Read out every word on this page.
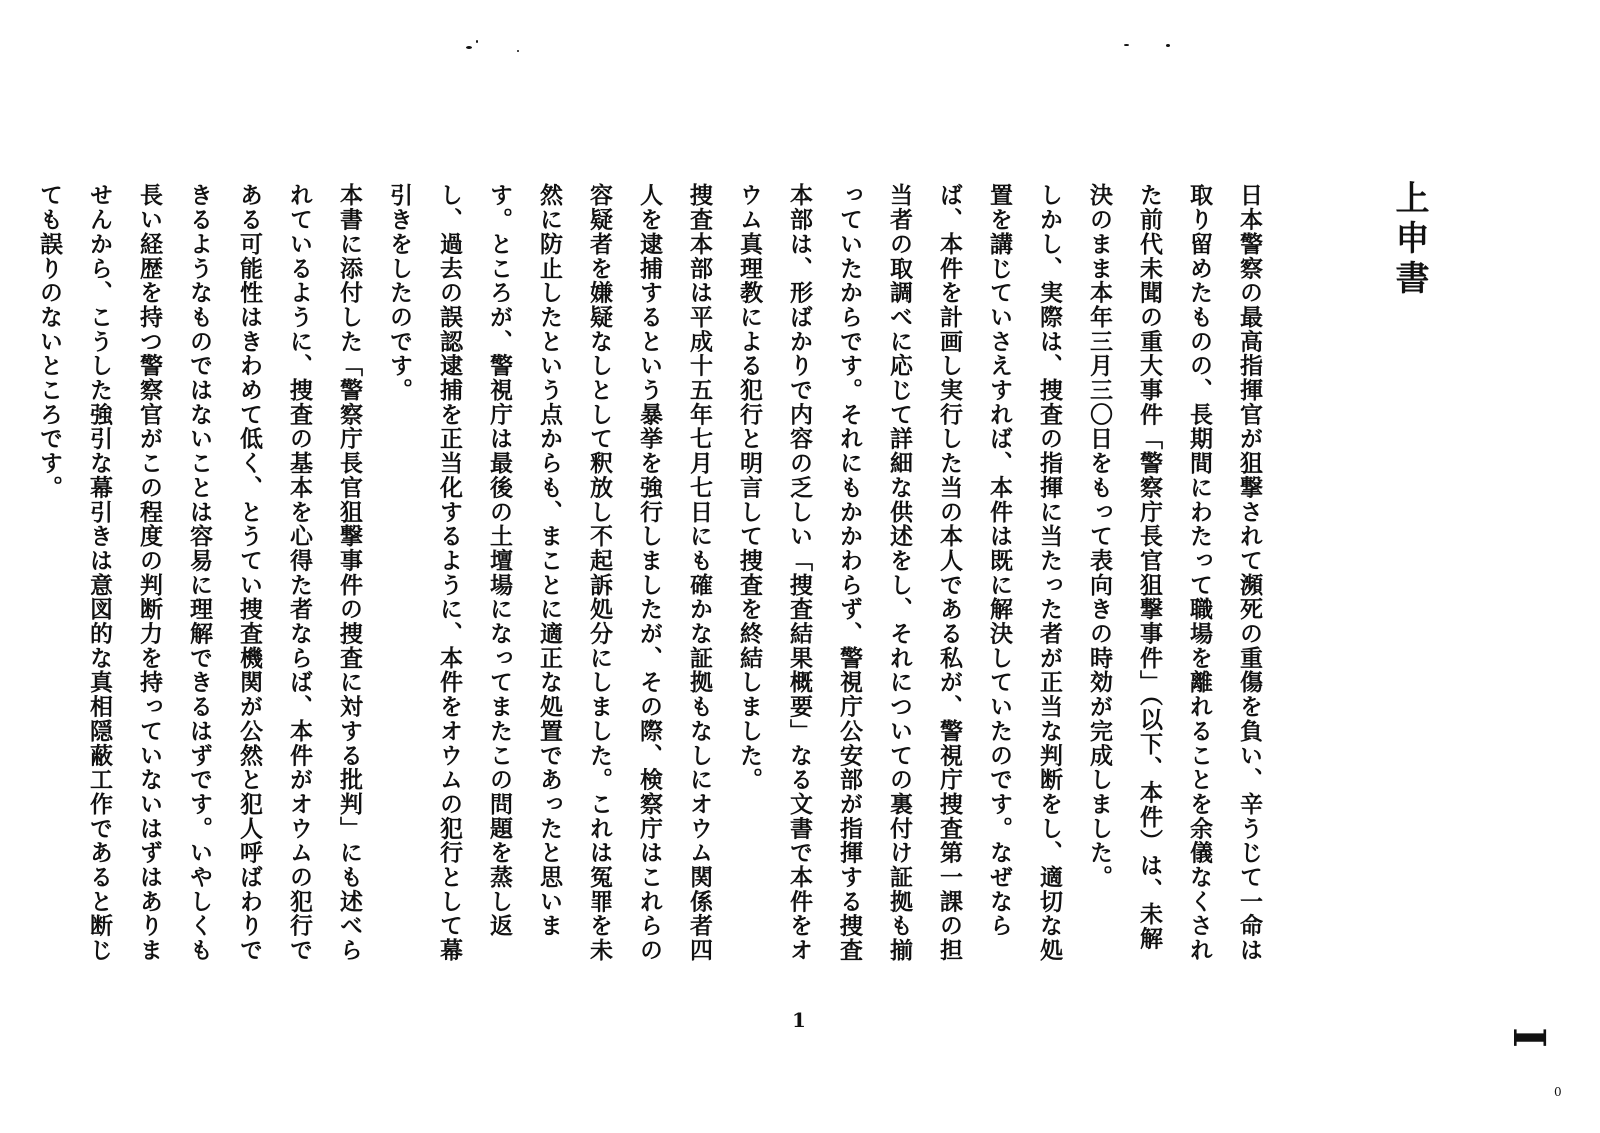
上申書

日本警察の最高指揮官が狙撃されて瀕死の重傷を負い、辛うじて一命は取り留めたものの、長期間にわたって職場を離れることを余儀なくされた前代未聞の重大事件「警察庁長官狙撃事件」（以下、本件）は、未解決のまま本年三月三〇日をもって表向きの時効が完成しました。

しかし、実際は、捜査の指揮に当たった者が正当な判断をし、適切な処置を講じていさえすれば、本件は既に解決していたのです。なぜならば、本件を計画し実行した当の本人である私が、警視庁捜査第一課の担当者の取調べに応じて詳細な供述をし、それについての裏付け証拠も揃っていたからです。それにもかかわらず、警視庁公安部が指揮する捜査本部は、形ばかりで内容の乏しい「捜査結果概要」なる文書で本件をオウム真理教による犯行と明言して捜査を終結しました。

捜査本部は平成十五年七月七日にも確かな証拠もなしにオウム関係者四人を逮捕するという暴挙を強行しましたが、その際、検察庁はこれらの容疑者を嫌疑なしとして釈放し不起訴処分にしました。これは冤罪を未然に防止したという点からも、まことに適正な処置であったと思います。ところが、警視庁は最後の土壇場になってまたこの問題を蒸し返し、過去の誤認逮捕を正当化するように、本件をオウムの犯行として幕引きをしたのです。

本書に添付した「警察庁長官狙撃事件の捜査に対する批判」にも述べられているように、捜査の基本を心得た者ならば、本件がオウムの犯行である可能性はきわめて低く、とうてい捜査機関が公然と犯人呼ばわりできるようなものではないことは容易に理解できるはずです。いやしくも長い経歴を持つ警察官がこの程度の判断力を持っていないはずはありませんから、こうした強引な幕引きは意図的な真相隠蔽工作であると断じても誤りのないところです。

1
I
0
